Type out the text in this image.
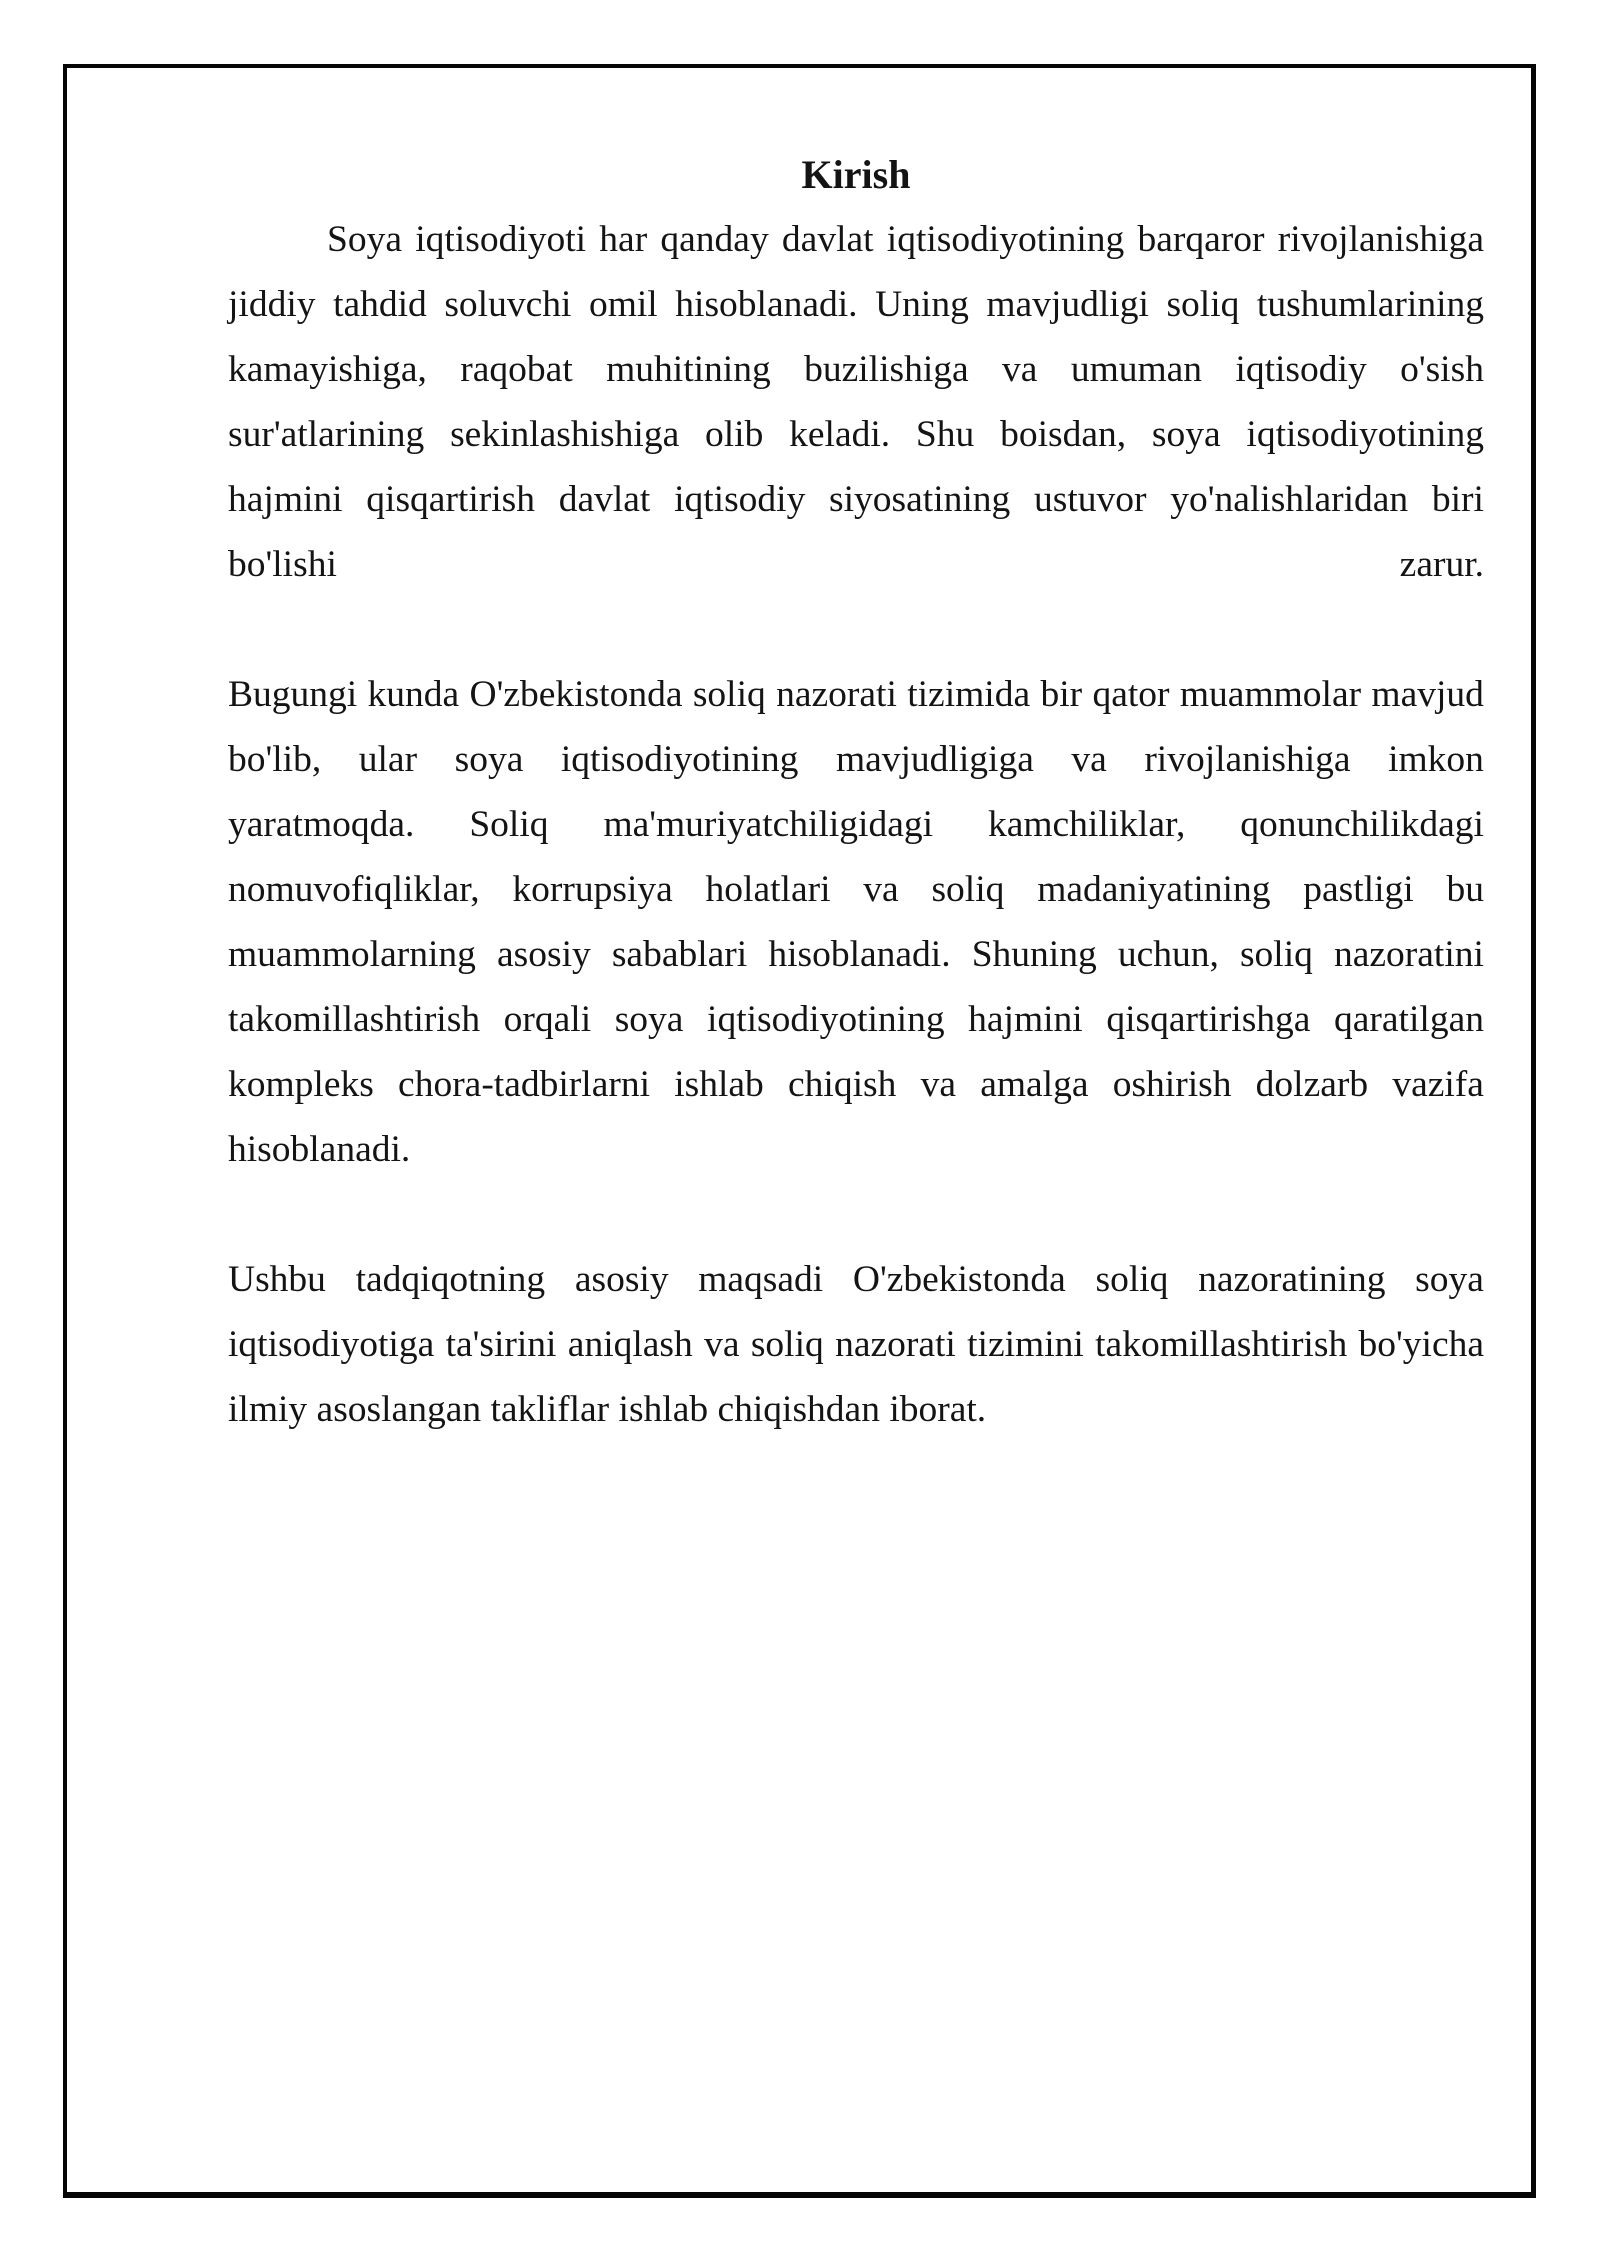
Kirish
Soya iqtisodiyoti har qanday davlat iqtisodiyotining barqaror rivojlanishiga
jiddiy tahdid soluvchi omil hisoblanadi. Uning mavjudligi soliq tushumlarining
kamayishiga, raqobat muhitining buzilishiga va umuman iqtisodiy o'sish
sur'atlarining sekinlashishiga olib keladi. Shu boisdan, soya iqtisodiyotining
hajmini qisqartirish davlat iqtisodiy siyosatining ustuvor yo'nalishlaridan biri
bo'lishi	zarur.
Bugungi kunda O'zbekistonda soliq nazorati tizimida bir qator muammolar mavjud
bo'lib, ular soya iqtisodiyotining mavjudligiga va rivojlanishiga imkon
yaratmoqda. Soliq ma'muriyatchiligidagi kamchiliklar, qonunchilikdagi
nomuvofiqliklar, korrupsiya holatlari va soliq madaniyatining pastligi bu
muammolarning asosiy sabablari hisoblanadi. Shuning uchun, soliq nazoratini
takomillashtirish orqali soya iqtisodiyotining hajmini qisqartirishga qaratilgan
kompleks chora-tadbirlarni ishlab chiqish va amalga oshirish dolzarb vazifa
hisoblanadi.
Ushbu tadqiqotning asosiy maqsadi O'zbekistonda soliq nazoratining soya
iqtisodiyotiga ta'sirini aniqlash va soliq nazorati tizimini takomillashtirish bo'yicha
ilmiy asoslangan takliflar ishlab chiqishdan iborat.
